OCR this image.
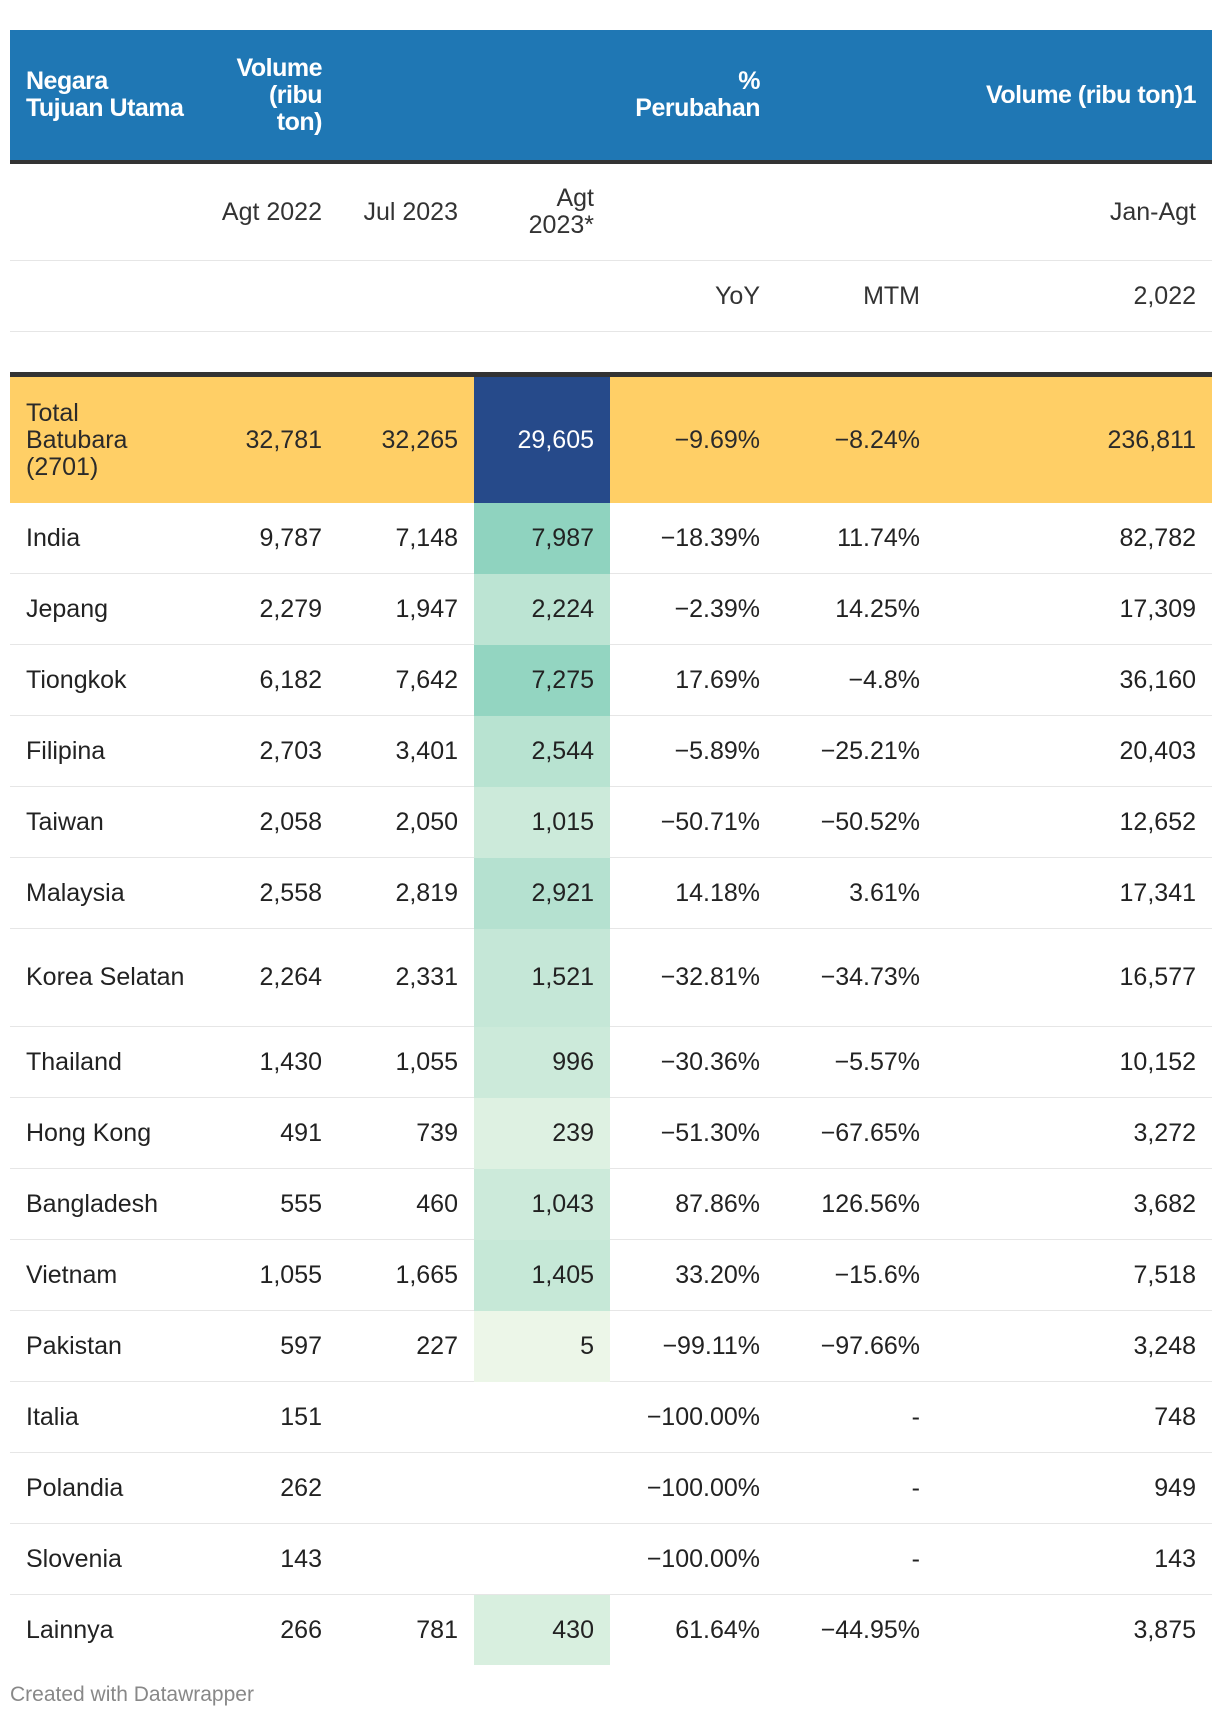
Negara Tujuan Utama	Volume (ribu ton)			% Perubahan		Volume (ribu ton)1
	Agt 2022	Jul 2023	Agt 2023*			Jan-Agt
				YoY	MTM	2,022

Total Batubara (2701)	32,781	32,265	29,605	−9.69%	−8.24%	236,811
India	9,787	7,148	7,987	−18.39%	11.74%	82,782
Jepang	2,279	1,947	2,224	−2.39%	14.25%	17,309
Tiongkok	6,182	7,642	7,275	17.69%	−4.8%	36,160
Filipina	2,703	3,401	2,544	−5.89%	−25.21%	20,403
Taiwan	2,058	2,050	1,015	−50.71%	−50.52%	12,652
Malaysia	2,558	2,819	2,921	14.18%	3.61%	17,341
Korea Selatan	2,264	2,331	1,521	−32.81%	−34.73%	16,577
Thailand	1,430	1,055	996	−30.36%	−5.57%	10,152
Hong Kong	491	739	239	−51.30%	−67.65%	3,272
Bangladesh	555	460	1,043	87.86%	126.56%	3,682
Vietnam	1,055	1,665	1,405	33.20%	−15.6%	7,518
Pakistan	597	227	5	−99.11%	−97.66%	3,248
Italia	151			−100.00%	-	748
Polandia	262			−100.00%	-	949
Slovenia	143			−100.00%	-	143
Lainnya	266	781	430	61.64%	−44.95%	3,875
Created with Datawrapper
